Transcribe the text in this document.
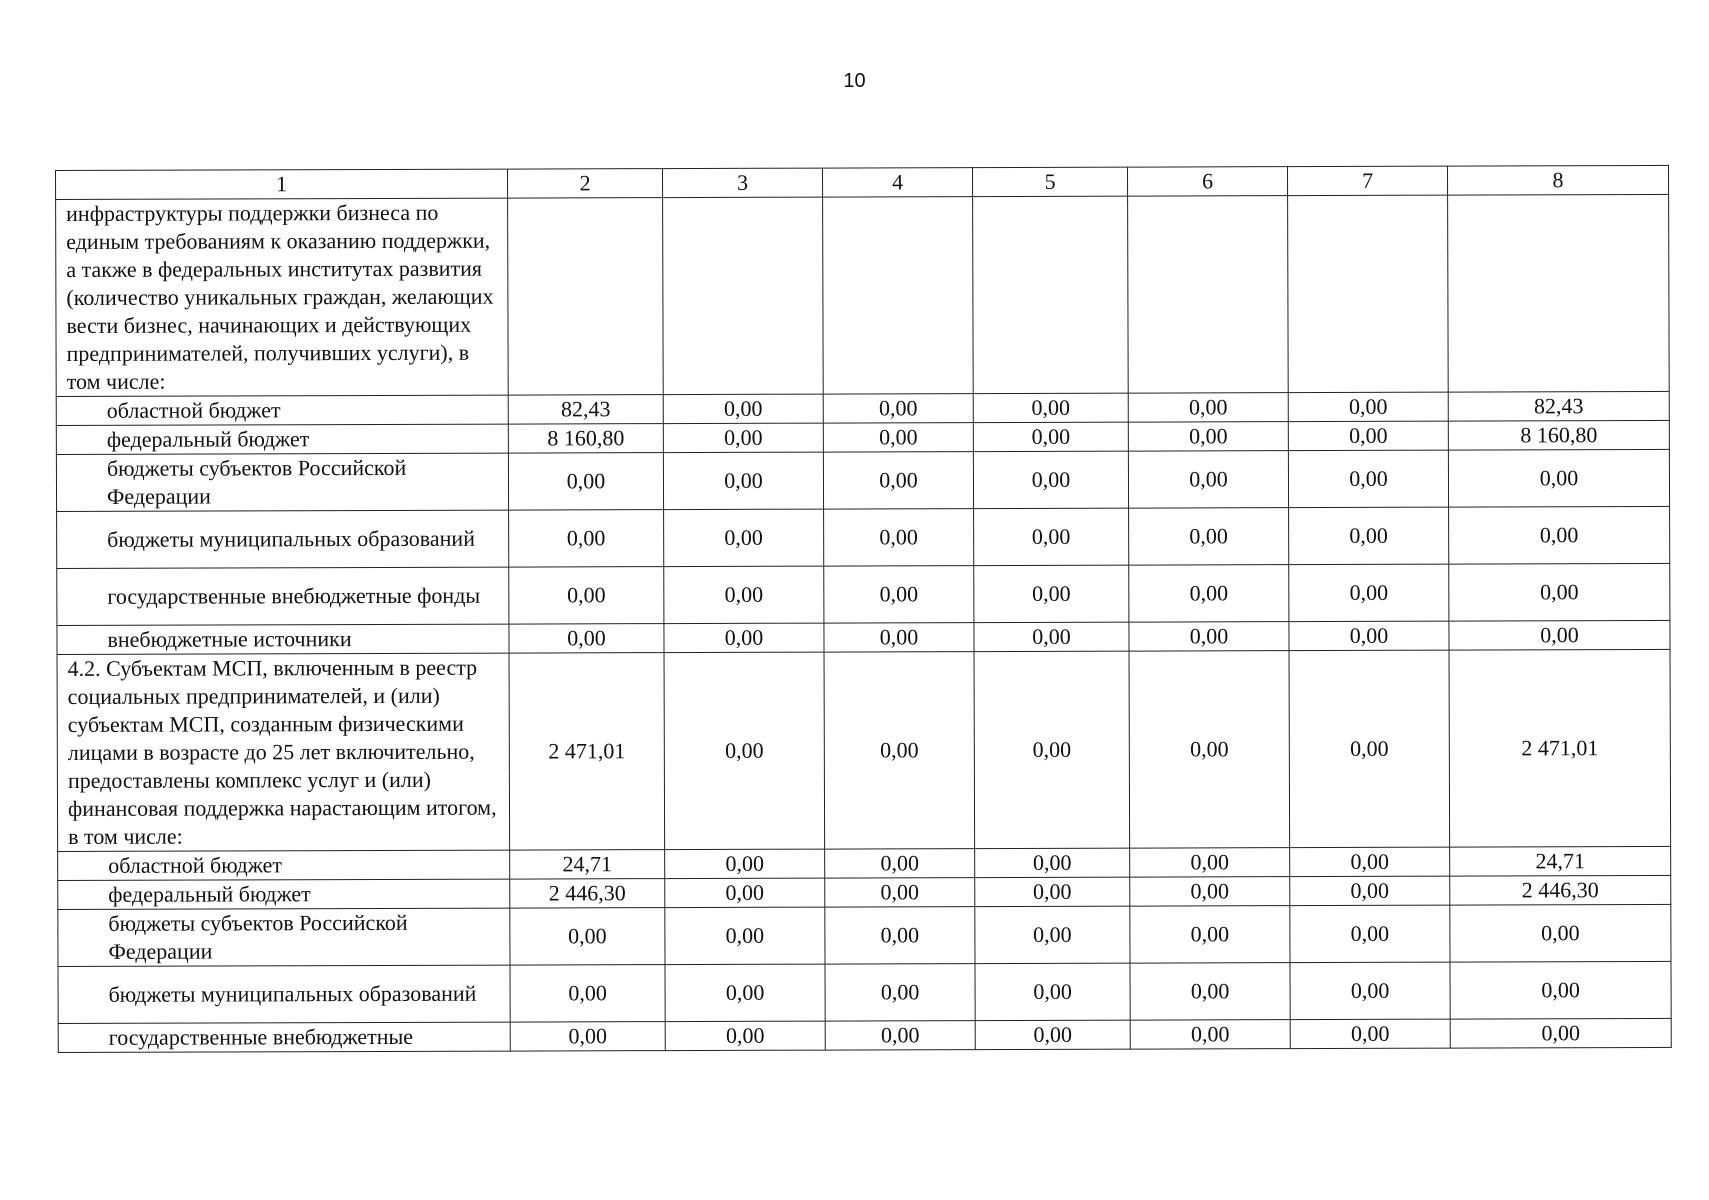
10
1	2	3	4	5	6	7	8
инфраструктуры поддержки бизнеса по единым требованиям к оказанию поддержки, а также в федеральных институтах развития (количество уникальных граждан, желающих вести бизнес, начинающих и действующих предпринимателей, получивших услуги), в том числе:							
областной бюджет	82,43	0,00	0,00	0,00	0,00	0,00	82,43
федеральный бюджет	8 160,80	0,00	0,00	0,00	0,00	0,00	8 160,80
бюджеты субъектов Российской Федерации	0,00	0,00	0,00	0,00	0,00	0,00	0,00
бюджеты муниципальных образований	0,00	0,00	0,00	0,00	0,00	0,00	0,00
государственные внебюджетные фонды	0,00	0,00	0,00	0,00	0,00	0,00	0,00
внебюджетные источники	0,00	0,00	0,00	0,00	0,00	0,00	0,00
4.2. Субъектам МСП, включенным в реестр социальных предпринимателей, и (или) субъектам МСП, созданным физическими лицами в возрасте до 25 лет включительно, предоставлены комплекс услуг и (или) финансовая поддержка нарастающим итогом, в том числе:	2 471,01	0,00	0,00	0,00	0,00	0,00	2 471,01
областной бюджет	24,71	0,00	0,00	0,00	0,00	0,00	24,71
федеральный бюджет	2 446,30	0,00	0,00	0,00	0,00	0,00	2 446,30
бюджеты субъектов Российской Федерации	0,00	0,00	0,00	0,00	0,00	0,00	0,00
бюджеты муниципальных образований	0,00	0,00	0,00	0,00	0,00	0,00	0,00
государственные внебюджетные	0,00	0,00	0,00	0,00	0,00	0,00	0,00
